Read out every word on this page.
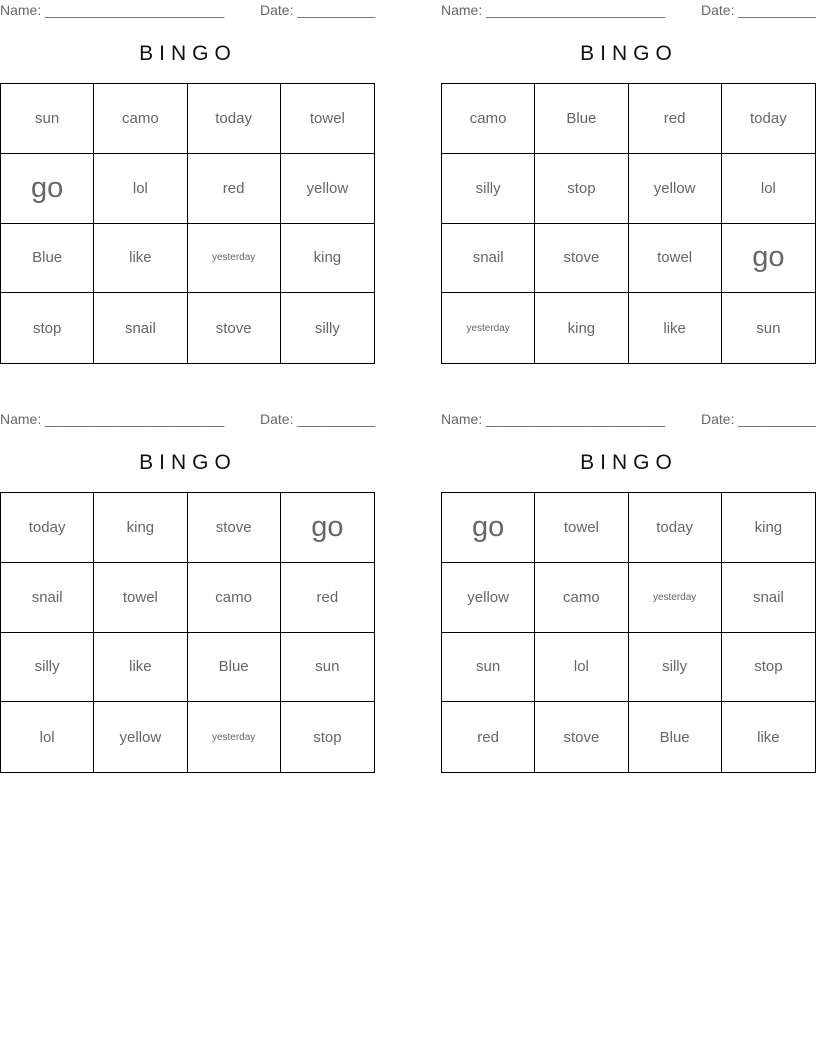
Name: _______________________	Date: __________
BINGO
sun	camo	today	towel
go	lol	red	yellow
Blue	like	yesterday	king
stop	snail	stove	silly
Name: _______________________	Date: __________
BINGO
camo	Blue	red	today
silly	stop	yellow	lol
snail	stove	towel	go
yesterday	king	like	sun
Name: _______________________	Date: __________
BINGO
today	king	stove	go
snail	towel	camo	red
silly	like	Blue	sun
lol	yellow	yesterday	stop
Name: _______________________	Date: __________
BINGO
go	towel	today	king
yellow	camo	yesterday	snail
sun	lol	silly	stop
red	stove	Blue	like
